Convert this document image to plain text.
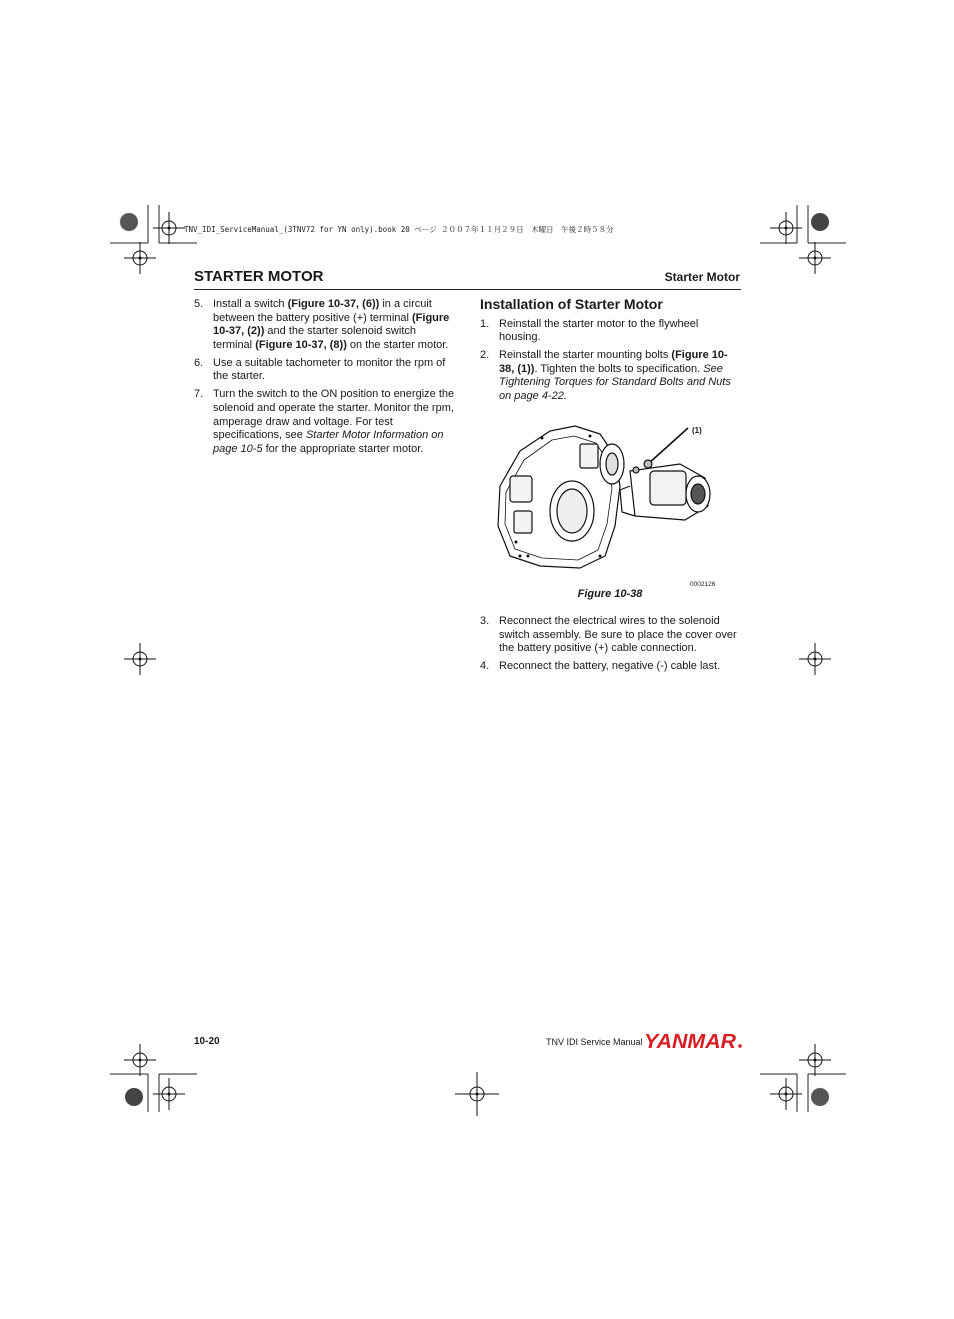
TNV_IDI_ServiceManual_(3TNV72 for YN only).book 20 ページ ２００７年１１月２９日　木曜日　午後２時５８分
STARTER MOTOR	Starter Motor
5. Install a switch (Figure 10-37, (6)) in a circuit between the battery positive (+) terminal (Figure 10-37, (2)) and the starter solenoid switch terminal (Figure 10-37, (8)) on the starter motor.
6. Use a suitable tachometer to monitor the rpm of the starter.
7. Turn the switch to the ON position to energize the solenoid and operate the starter. Monitor the rpm, amperage draw and voltage. For test specifications, see Starter Motor Information on page 10-5 for the appropriate starter motor.
Installation of Starter Motor
1. Reinstall the starter motor to the flywheel housing.
2. Reinstall the starter mounting bolts (Figure 10-38, (1)). Tighten the bolts to specification. See Tightening Torques for Standard Bolts and Nuts on page 4-22.
(1)
0002126
Figure 10-38
3. Reconnect the electrical wires to the solenoid switch assembly. Be sure to place the cover over the battery positive (+) cable connection.
4. Reconnect the battery, negative (-) cable last.
10-20	TNV IDI Service Manual YANMAR
